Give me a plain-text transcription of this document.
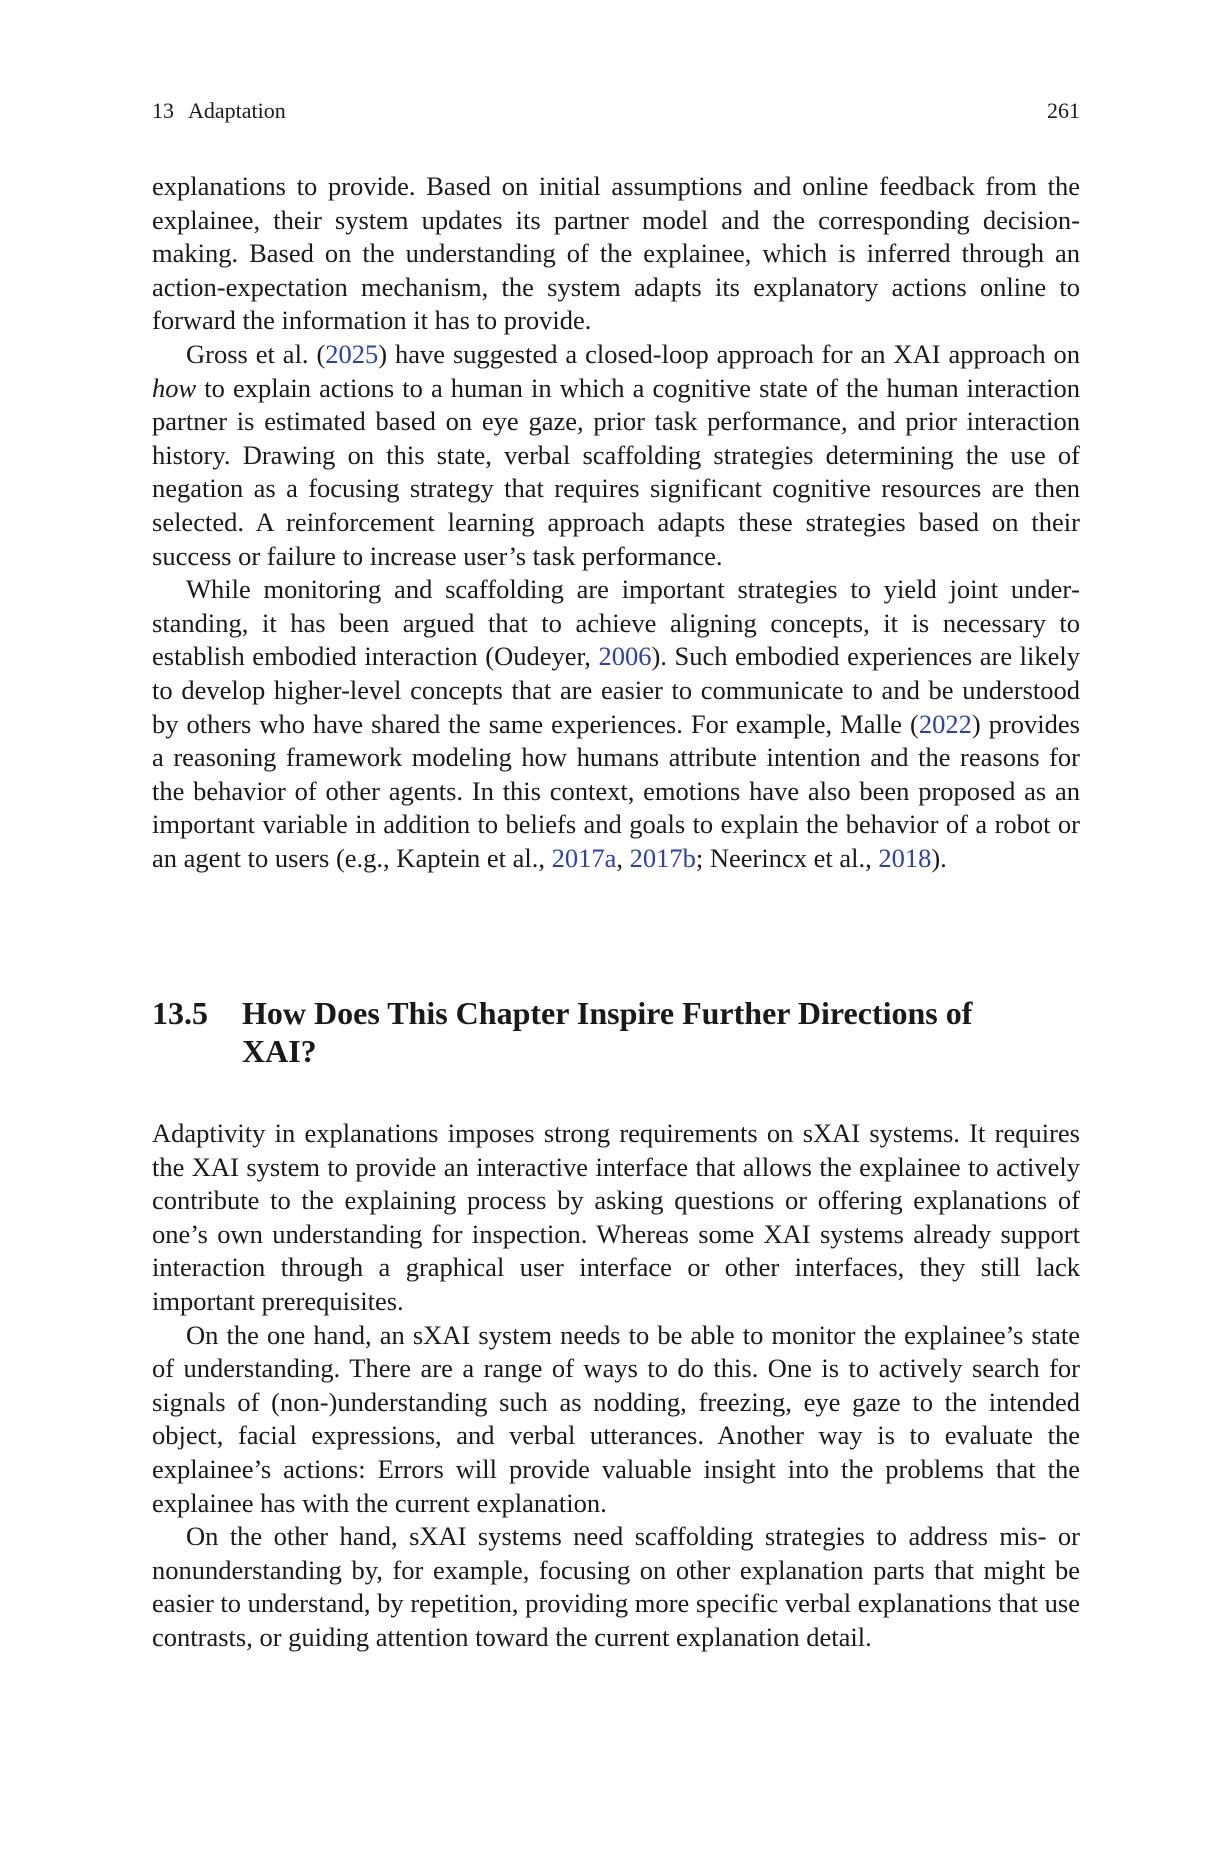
13 Adaptation	261

explanations to provide. Based on initial assumptions and online feedback from the explainee, their system updates its partner model and the corresponding decision-making. Based on the understanding of the explainee, which is inferred through an action-expectation mechanism, the system adapts its explanatory actions online to forward the information it has to provide.

Gross et al. (2025) have suggested a closed-loop approach for an XAI approach on how to explain actions to a human in which a cognitive state of the human interaction partner is estimated based on eye gaze, prior task performance, and prior interaction history. Drawing on this state, verbal scaffolding strategies determining the use of negation as a focusing strategy that requires significant cognitive resources are then selected. A reinforcement learning approach adapts these strategies based on their success or failure to increase user’s task performance.

While monitoring and scaffolding are important strategies to yield joint understanding, it has been argued that to achieve aligning concepts, it is necessary to establish embodied interaction (Oudeyer, 2006). Such embodied experiences are likely to develop higher-level concepts that are easier to communicate to and be understood by others who have shared the same experiences. For example, Malle (2022) provides a reasoning framework modeling how humans attribute intention and the reasons for the behavior of other agents. In this context, emotions have also been proposed as an important variable in addition to beliefs and goals to explain the behavior of a robot or an agent to users (e.g., Kaptein et al., 2017a, 2017b; Neerincx et al., 2018).

13.5	How Does This Chapter Inspire Further Directions of XAI?

Adaptivity in explanations imposes strong requirements on sXAI systems. It requires the XAI system to provide an interactive interface that allows the explainee to actively contribute to the explaining process by asking questions or offering explanations of one’s own understanding for inspection. Whereas some XAI systems already support interaction through a graphical user interface or other interfaces, they still lack important prerequisites.

On the one hand, an sXAI system needs to be able to monitor the explainee’s state of understanding. There are a range of ways to do this. One is to actively search for signals of (non-)understanding such as nodding, freezing, eye gaze to the intended object, facial expressions, and verbal utterances. Another way is to evaluate the explainee’s actions: Errors will provide valuable insight into the problems that the explainee has with the current explanation.

On the other hand, sXAI systems need scaffolding strategies to address mis- or nonunderstanding by, for example, focusing on other explanation parts that might be easier to understand, by repetition, providing more specific verbal explanations that use contrasts, or guiding attention toward the current explanation detail.
